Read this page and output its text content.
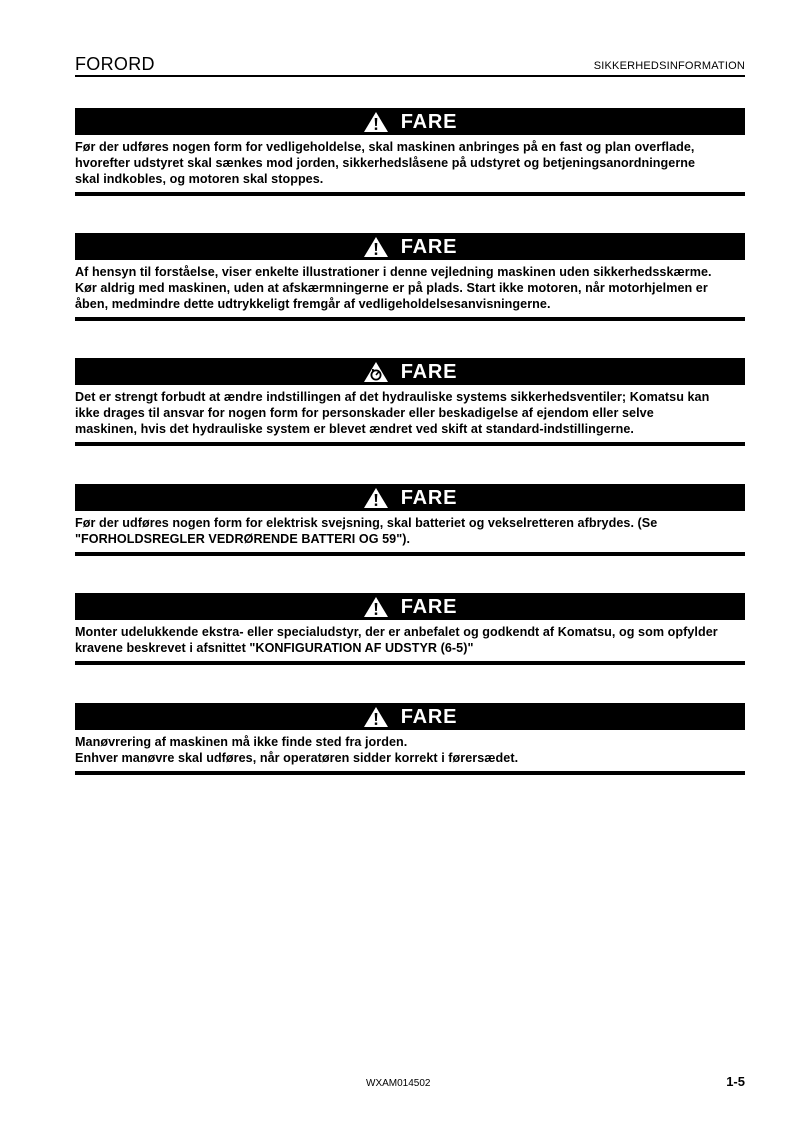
FORORD	SIKKERHEDSINFORMATION
FARE

Før der udføres nogen form for vedligeholdelse, skal maskinen anbringes på en fast og plan overflade,

hvorefter udstyret skal sænkes mod jorden, sikkerhedslåsene på udstyret og betjeningsanordningerne

skal indkobles, og motoren skal stoppes.

FARE

Af hensyn til forståelse, viser enkelte illustrationer i denne vejledning maskinen uden sikkerhedsskærme.

Kør aldrig med maskinen, uden at afskærmningerne er på plads. Start ikke motoren, når motorhjelmen er

åben, medmindre dette udtrykkeligt fremgår af vedligeholdelsesanvisningerne.

FARE

Det er strengt forbudt at ændre indstillingen af det hydrauliske systems sikkerhedsventiler; Komatsu kan

ikke drages til ansvar for nogen form for personskader eller beskadigelse af ejendom eller selve

maskinen, hvis det hydrauliske system er blevet ændret ved skift at standard-indstillingerne.

FARE

Før der udføres nogen form for elektrisk svejsning, skal batteriet og vekselretteren afbrydes. (Se

"FORHOLDSREGLER VEDRØRENDE BATTERI OG 59").

FARE

Monter udelukkende ekstra- eller specialudstyr, der er anbefalet og godkendt af Komatsu, og som opfylder

kravene beskrevet i afsnittet "KONFIGURATION AF UDSTYR (6-5)"

FARE

Manøvrering af maskinen må ikke finde sted fra jorden.

Enhver manøvre skal udføres, når operatøren sidder korrekt i førersædet.

WXAM014502	1-5
